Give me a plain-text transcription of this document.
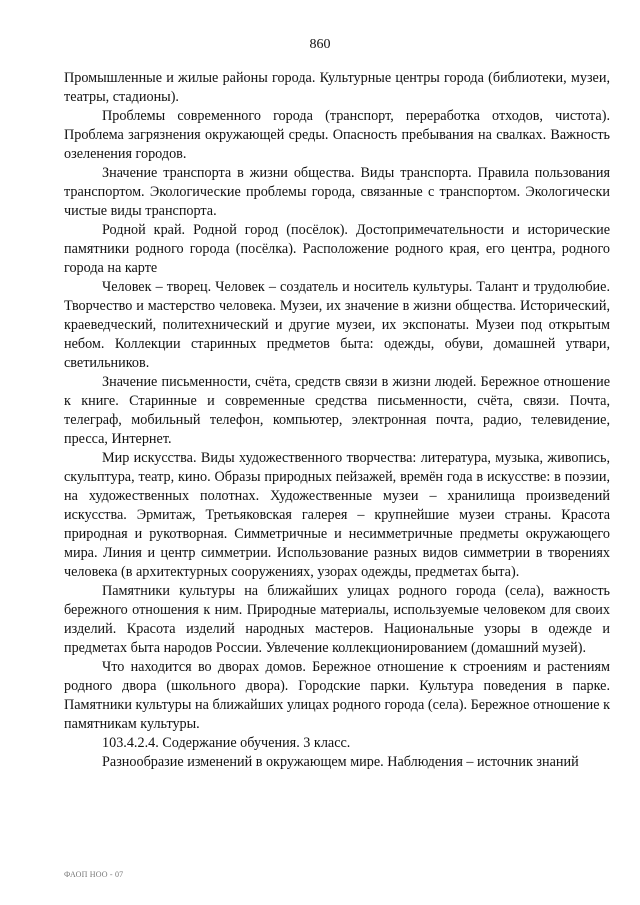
860

Промышленные и жилые районы города. Культурные центры города (библиотеки, музеи, театры, стадионы).

Проблемы современного города (транспорт, переработка отходов, чистота). Проблема загрязнения окружающей среды. Опасность пребывания на свалках. Важность озеленения городов.

Значение транспорта в жизни общества. Виды транспорта. Правила пользования транспортом. Экологические проблемы города, связанные с транспортом. Экологически чистые виды транспорта.

Родной край. Родной город (посёлок). Достопримечательности и исторические памятники родного города (посёлка). Расположение родного края, его центра, родного города на карте

Человек – творец. Человек – создатель и носитель культуры. Талант и трудолюбие. Творчество и мастерство человека. Музеи, их значение в жизни общества. Исторический, краеведческий, политехнический и другие музеи, их экспонаты. Музеи под открытым небом. Коллекции старинных предметов быта: одежды, обуви, домашней утвари, светильников.

Значение письменности, счёта, средств связи в жизни людей. Бережное отношение к книге. Старинные и современные средства письменности, счёта, связи. Почта, телеграф, мобильный телефон, компьютер, электронная почта, радио, телевидение, пресса, Интернет.

Мир искусства. Виды художественного творчества: литература, музыка, живопись, скульптура, театр, кино. Образы природных пейзажей, времён года в искусстве: в поэзии, на художественных полотнах. Художественные музеи – хранилища произведений искусства. Эрмитаж, Третьяковская галерея – крупнейшие музеи страны. Красота природная и рукотворная. Симметричные и несимметричные предметы окружающего мира. Линия и центр симметрии. Использование разных видов симметрии в творениях человека (в архитектурных сооружениях, узорах одежды, предметах быта).

Памятники культуры на ближайших улицах родного города (села), важность бережного отношения к ним. Природные материалы, используемые человеком для своих изделий. Красота изделий народных мастеров. Национальные узоры в одежде и предметах быта народов России. Увлечение коллекционированием (домашний музей).

Что находится во дворах домов. Бережное отношение к строениям и растениям родного двора (школьного двора). Городские парки. Культура поведения в парке. Памятники культуры на ближайших улицах родного города (села). Бережное отношение к памятникам культуры.

103.4.2.4. Содержание обучения. 3 класс.

Разнообразие изменений в окружающем мире. Наблюдения – источник знаний

ФАОП НОО - 07
